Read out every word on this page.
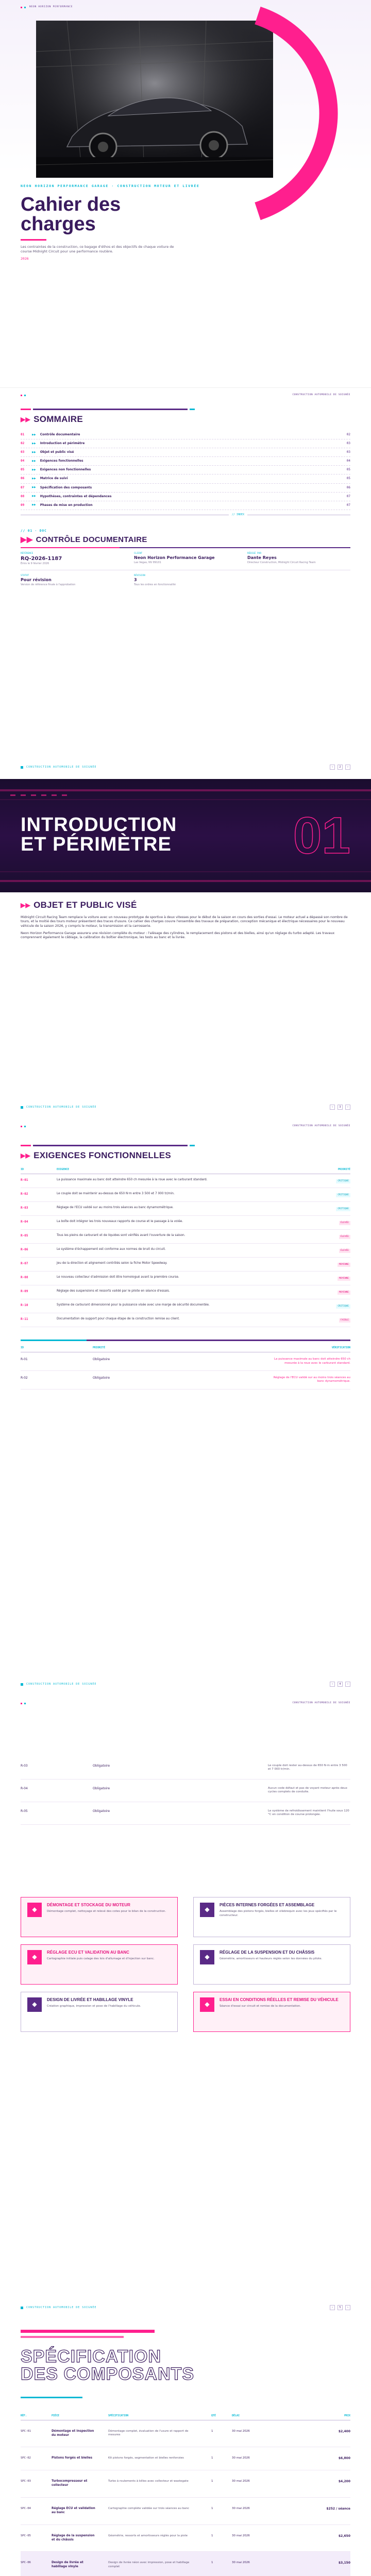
NEON HORIZON PERFORMANCE
NEON HORIZON PERFORMANCE GARAGE · CONSTRUCTION MOTEUR ET LIVRÉE
Cahier des
charges

Les contraintes de la construction, ce bagage d'éthos et des objectifs de chaque voiture de course Midnight Circuit pour une performance routière.

2026
CONSTRUCTION AUTOMOBILE DE SOIGNÉE
▶▶ SOMMAIRE
01	▶▶ Contrôle documentaire	02
02	▶▶ Introduction et périmètre	03
03	▶▶ Objet et public visé	03
04	▶▶ Exigences fonctionnelles	04
05	▶▶ Exigences non fonctionnelles	05
06	▶▶ Matrice de suivi	05
07	▶▶ Spécification des composants	06
08	▶▶ Hypothèses, contraintes et dépendances	07
09	▶▶ Phases de mise en production	07
// INDEX
// 01 · DOC
▶▶ CONTRÔLE DOCUMENTAIRE
RÉFÉRENCE
RQ-2026-1187
Émis le 9 février 2026
CLIENT
Neon Horizon Performance Garage
Las Vegas, NV 89101
RÉDIGÉ PAR
Dante Reyes
Directeur Construction, Midnight Circuit Racing Team
STATUT
Pour révision
Version de référence finale à l'approbation
RÉVISION
3
Tous les ordres en fonctionnalité
CONSTRUCTION AUTOMOBILE DE SOIGNÉE	‹	2	›
INTRODUCTION
ET PÉRIMÈTRE 01
▶▶ OBJET ET PUBLIC VISÉ

Midnight Circuit Racing Team remplace la voiture avec un nouveau prototype de sportive à deux vitesses pour le début de la saison en cours des sorties d'essai. Le moteur actuel a dépassé son nombre de tours, et la moitié des tours moteur présentent des traces d'usure. Ce cahier des charges couvre l'ensemble des travaux de préparation, conception mécanique et électrique nécessaires pour le nouveau véhicule de la saison 2026, y compris le moteur, la transmission et la carrosserie.

Neon Horizon Performance Garage assurera une révision complète du moteur : l'alésage des cylindres, le remplacement des pistons et des bielles, ainsi qu'un réglage du turbo adapté. Les travaux comprennent également le câblage, la calibration du boîtier électronique, les tests au banc et la livrée.

CONSTRUCTION AUTOMOBILE DE SOIGNÉE	‹	3	›
CONSTRUCTION AUTOMOBILE DE SOIGNÉE
▶▶ EXIGENCES FONCTIONNELLES
ID	EXIGENCE	PRIORITÉ
R-01	La puissance maximale au banc doit atteindre 650 ch mesurée à la roue avec le carburant standard.	CRITIQUE
R-02	Le couple doit se maintenir au-dessus de 650 N·m entre 3 500 et 7 000 tr/min.	CRITIQUE
R-03	Réglage de l'ECU validé sur au moins trois séances au banc dynamométrique.	CRITIQUE
R-04	La boîte doit intégrer les trois nouveaux rapports de course et le passage à la volée.	ÉLEVÉE
R-05	Tous les pleins de carburant et de liquides sont vérifiés avant l'ouverture de la saison.	ÉLEVÉE
R-06	Le système d'échappement est conforme aux normes de bruit du circuit.	ÉLEVÉE
R-07	Jeu de la direction et alignement contrôlés selon la fiche Motor Speedway.	MOYENNE
R-08	Le nouveau collecteur d'admission doit être homologué avant la première course.	MOYENNE
R-09	Réglage des suspensions et ressorts validé par le pilote en séance d'essais.	MOYENNE
R-10	Système de carburant dimensionné pour la puissance visée avec une marge de sécurité documentée.	CRITIQUE
R-11	Documentation de support pour chaque étape de la construction remise au client.	FAIBLE
ID	PRIORITÉ	VÉRIFICATION
R-01	Obligatoire	La puissance maximale au banc doit atteindre 650 ch mesurée à la roue avec le carburant standard.
R-02	Obligatoire	Réglage de l'ECU validé sur au moins trois séances au banc dynamométrique.
CONSTRUCTION AUTOMOBILE DE SOIGNÉE	‹	4	›
CONSTRUCTION AUTOMOBILE DE SOIGNÉE
R-03	Obligatoire	Le couple doit rester au-dessus de 650 N·m entre 3 500 et 7 000 tr/min.
R-04	Obligatoire	Aucun code défaut et pas de voyant moteur après deux cycles complets de conduite.
R-05	Obligatoire	Le système de refroidissement maintient l'huile sous 120 °C en condition de course prolongée.
◆
DÉMONTAGE ET STOCKAGE DU MOTEUR
Démontage complet, nettoyage et relevé des cotes pour le bilan de la construction.	◆
PIÈCES INTERNES FORGÉES ET ASSEMBLAGE
Assemblage des pistons forgés, bielles et vilebrequin avec les jeux spécifiés par le constructeur.
◆
RÉGLAGE ECU ET VALIDATION AU BANC
Cartographie initiale puis calage des lois d'allumage et d'injection sur banc.	◆
RÉGLAGE DE LA SUSPENSION ET DU CHÂSSIS
Géométrie, amortisseurs et hauteurs réglés selon les données du pilote.
◆
DESIGN DE LIVRÉE ET HABILLAGE VINYLE
Création graphique, impression et pose de l'habillage du véhicule.	◆
ESSAI EN CONDITIONS RÉELLES ET REMISE DU VÉHICULE
Séance d'essai sur circuit et remise de la documentation.
CONSTRUCTION AUTOMOBILE DE SOIGNÉE	‹	5	›
SPÉCIFICATION
DES COMPOSANTS
RÉF.	PIÈCE	SPÉCIFICATION	QTÉ	DÉLAI	PRIX
SPC-01	Démontage et inspection du moteur	Démontage complet, évaluation de l'usure et rapport de mesures	1	30 mai 2026	$2,400
SPC-02	Pistons forgés et bielles	Kit pistons forgés, segmentation et bielles renforcées	1	30 mai 2026	$6,800
SPC-03	Turbocompresseur et collecteur	Turbo à roulements à billes avec collecteur et wastegate	1	30 mai 2026	$4,200
SPC-04	Réglage ECU et validation au banc	Cartographie complète validée sur trois séances au banc	1	30 mai 2026	$252 / séance
SPC-05	Réglage de la suspension et du châssis	Géométrie, ressorts et amortisseurs réglés pour la piste	1	30 mai 2026	$2,650
SPC-06	Design de livrée et habillage vinyle	Design de livrée néon avec impression, pose et habillage complet	1	30 mai 2026	$3,150
